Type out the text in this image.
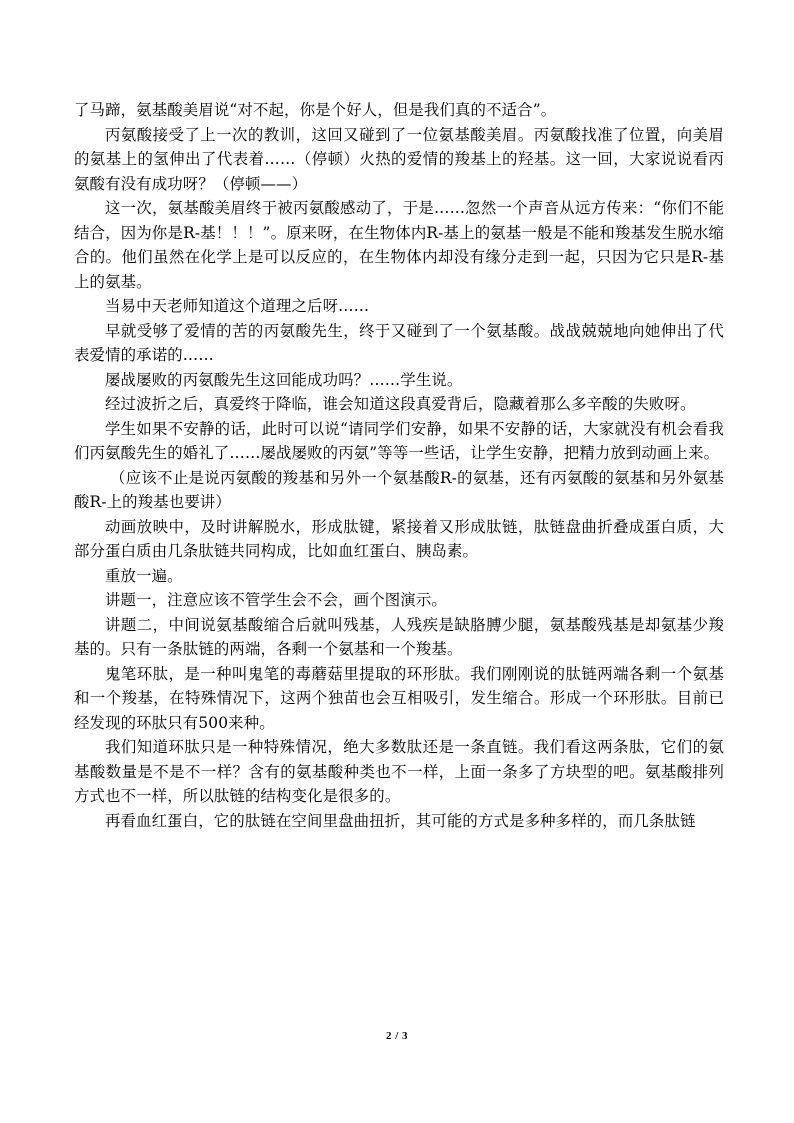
了马蹄，氨基酸美眉说“对不起，你是个好人，但是我们真的不适合”。

丙氨酸接受了上一次的教训，这回又碰到了一位氨基酸美眉。丙氨酸找准了位置，向美眉的氨基上的氢伸出了代表着……（停顿）火热的爱情的羧基上的羟基。这一回，大家说说看丙氨酸有没有成功呀？（停顿——）

这一次，氨基酸美眉终于被丙氨酸感动了，于是……忽然一个声音从远方传来：“你们不能结合，因为你是R-基！！！”。原来呀，在生物体内R-基上的氨基一般是不能和羧基发生脱水缩合的。他们虽然在化学上是可以反应的，在生物体内却没有缘分走到一起，只因为它只是R-基上的氨基。

当易中天老师知道这个道理之后呀……

早就受够了爱情的苦的丙氨酸先生，终于又碰到了一个氨基酸。战战兢兢地向她伸出了代表爱情的承诺的……

屡战屡败的丙氨酸先生这回能成功吗？……学生说。

经过波折之后，真爱终于降临，谁会知道这段真爱背后，隐藏着那么多辛酸的失败呀。

学生如果不安静的话，此时可以说“请同学们安静，如果不安静的话，大家就没有机会看我们丙氨酸先生的婚礼了……屡战屡败的丙氨”等等一些话，让学生安静，把精力放到动画上来。

（应该不止是说丙氨酸的羧基和另外一个氨基酸R-的氨基，还有丙氨酸的氨基和另外氨基酸R-上的羧基也要讲）

动画放映中，及时讲解脱水，形成肽键，紧接着又形成肽链，肽链盘曲折叠成蛋白质，大部分蛋白质由几条肽链共同构成，比如血红蛋白、胰岛素。

重放一遍。

讲题一，注意应该不管学生会不会，画个图演示。

讲题二，中间说氨基酸缩合后就叫残基，人残疾是缺胳膊少腿，氨基酸残基是却氨基少羧基的。只有一条肽链的两端，各剩一个氨基和一个羧基。

鬼笔环肽，是一种叫鬼笔的毒蘑菇里提取的环形肽。我们刚刚说的肽链两端各剩一个氨基和一个羧基，在特殊情况下，这两个独苗也会互相吸引，发生缩合。形成一个环形肽。目前已经发现的环肽只有500来种。

我们知道环肽只是一种特殊情况，绝大多数肽还是一条直链。我们看这两条肽，它们的氨基酸数量是不是不一样？含有的氨基酸种类也不一样，上面一条多了方块型的吧。氨基酸排列方式也不一样，所以肽链的结构变化是很多的。

再看血红蛋白，它的肽链在空间里盘曲扭折，其可能的方式是多种多样的，而几条肽链

2 / 3
